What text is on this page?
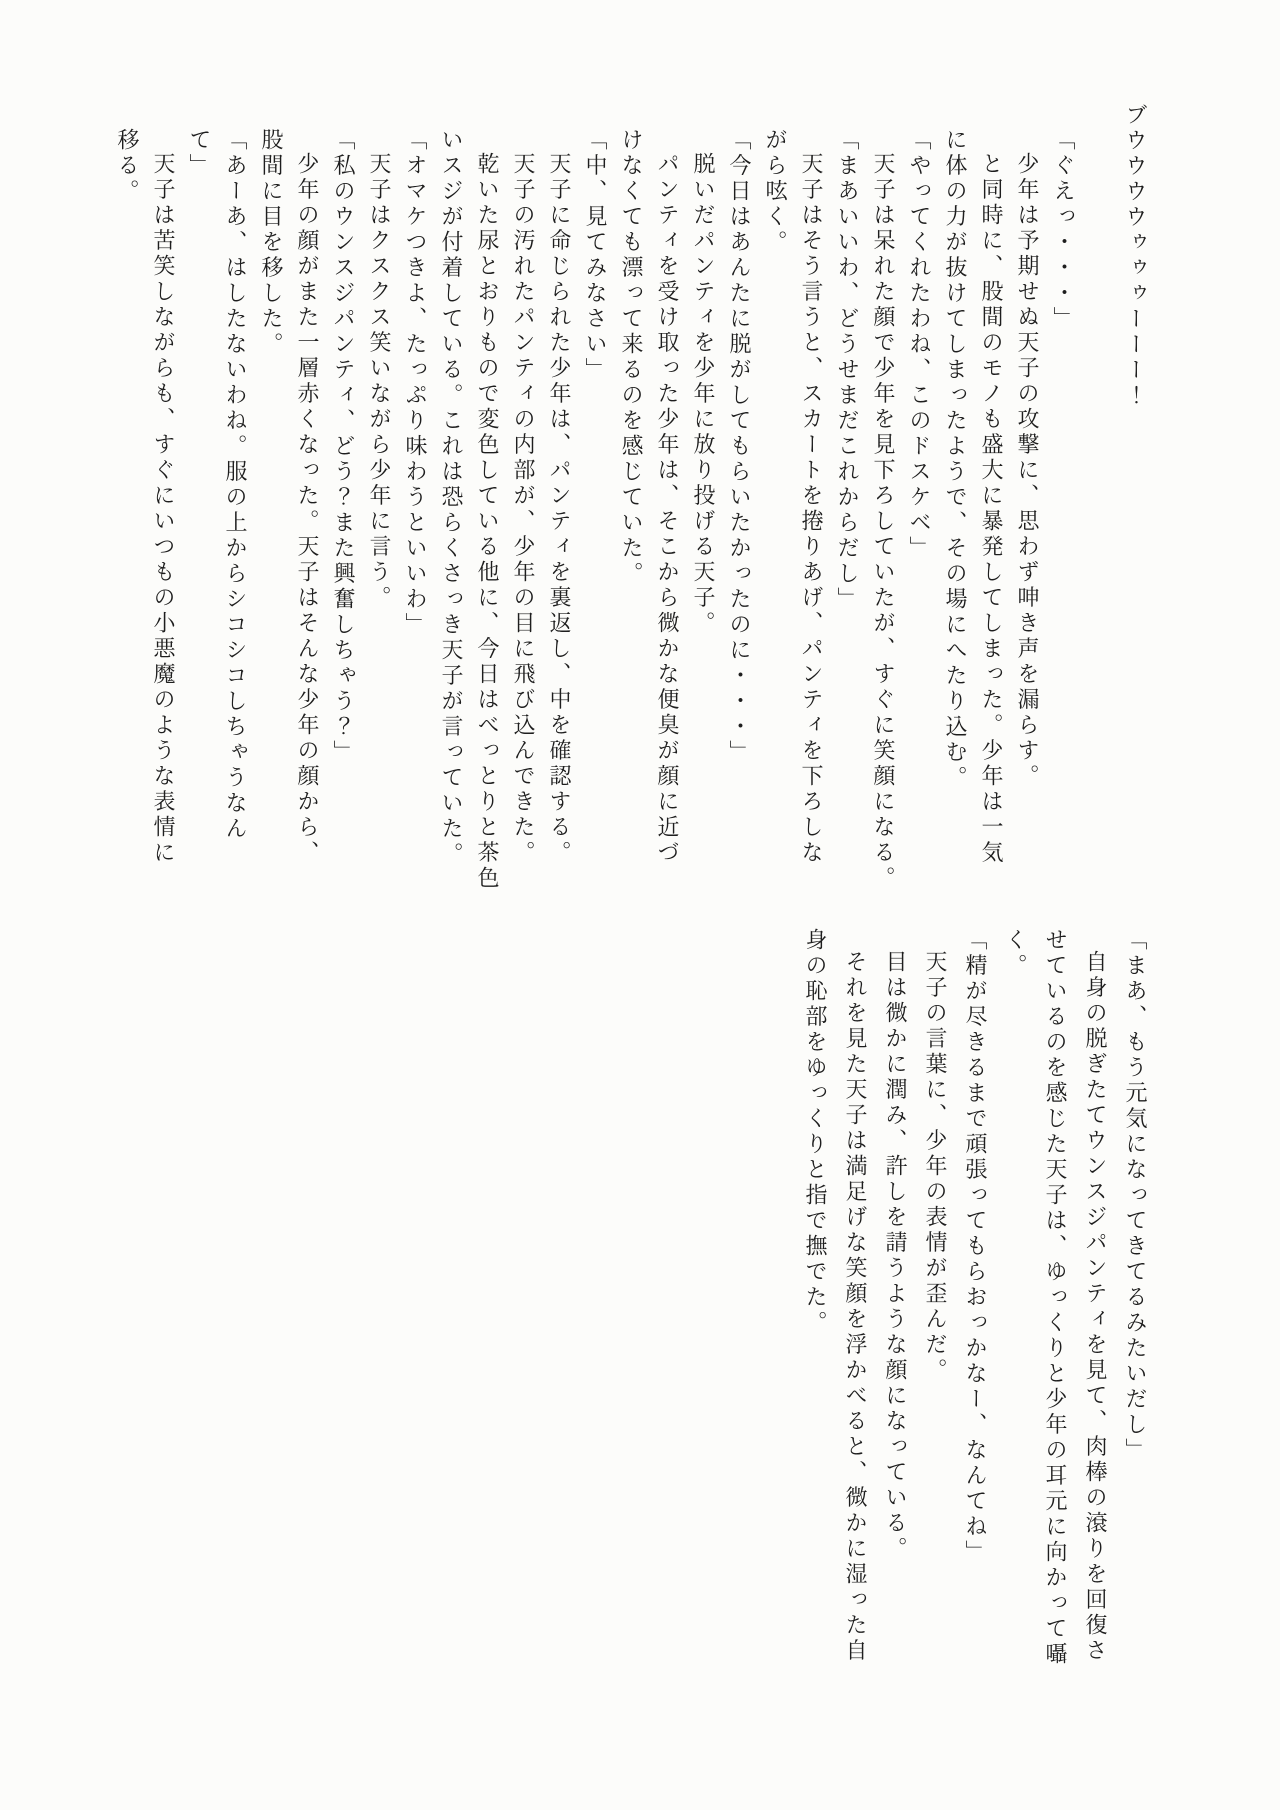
ブウウウウゥゥゥーーー！
「ぐえっ・・・」
少年は予期せぬ天子の攻撃に、思わず呻き声を漏らす。
と同時に、股間のモノも盛大に暴発してしまった。少年は一気
に体の力が抜けてしまったようで、その場にへたり込む。
「やってくれたわね、このドスケベ」
天子は呆れた顔で少年を見下ろしていたが、すぐに笑顔になる。
「まあいいわ、どうせまだこれからだし」
天子はそう言うと、スカートを捲りあげ、パンティを下ろしな
がら呟く。
「今日はあんたに脱がしてもらいたかったのに・・・」
脱いだパンティを少年に放り投げる天子。
パンティを受け取った少年は、そこから微かな便臭が顔に近づ
けなくても漂って来るのを感じていた。
「中、見てみなさい」
天子に命じられた少年は、パンティを裏返し、中を確認する。
天子の汚れたパンティの内部が、少年の目に飛び込んできた。
乾いた尿とおりもので変色している他に、今日はべっとりと茶色
いスジが付着している。これは恐らくさっき天子が言っていた。
「オマケつきよ、たっぷり味わうといいわ」
天子はクスクス笑いながら少年に言う。
「私のウンスジパンティ、どう？また興奮しちゃう？」
少年の顔がまた一層赤くなった。天子はそんな少年の顔から、
股間に目を移した。
「あーあ、はしたないわね。服の上からシコシコしちゃうなん
て」
天子は苦笑しながらも、すぐにいつもの小悪魔のような表情に
移る。
「まあ、もう元気になってきてるみたいだし」
自身の脱ぎたてウンスジパンティを見て、肉棒の滾りを回復さ
せているのを感じた天子は、ゆっくりと少年の耳元に向かって囁
く。
「精が尽きるまで頑張ってもらおっかなー、なんてね」
天子の言葉に、少年の表情が歪んだ。
目は微かに潤み、許しを請うような顔になっている。
それを見た天子は満足げな笑顔を浮かべると、微かに湿った自
身の恥部をゆっくりと指で撫でた。
